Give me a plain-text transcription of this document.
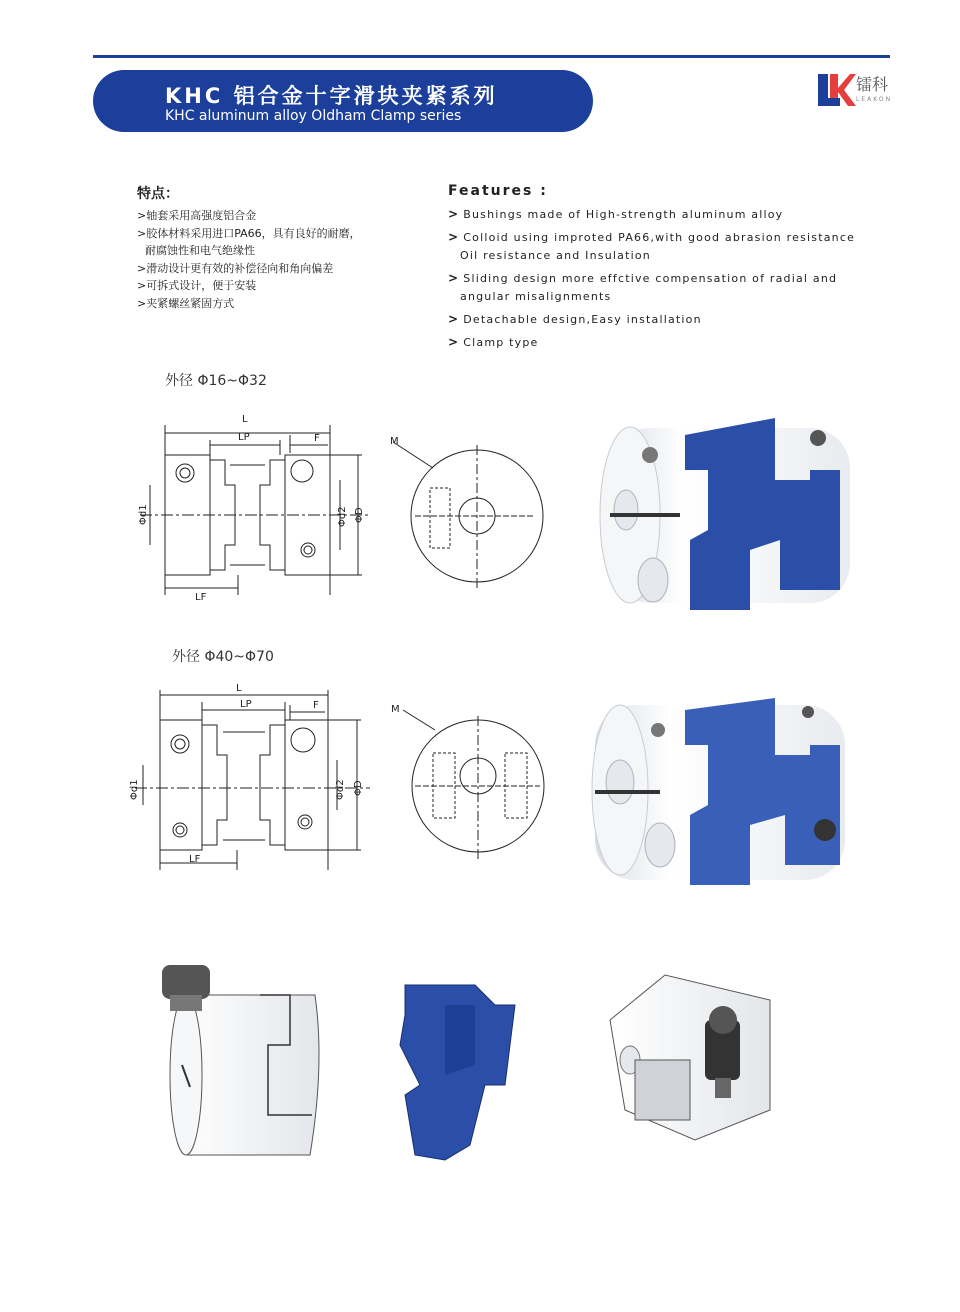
KHC 铝合金十字滑块夹紧系列
KHC aluminum alloy Oldham Clamp series
镭科
LEAKON
特点：
>轴套采用高强度铝合金
>胶体材料采用进口PA66，具有良好的耐磨，
耐腐蚀性和电气绝缘性
>滑动设计更有效的补偿径向和角向偏差
>可拆式设计，便于安装
>夹紧螺丝紧固方式
Features :
> Bushings made of High-strength aluminum alloy
> Colloid using improted PA66,with good abrasion resistance
Oil resistance and Insulation
> Sliding design more effctive compensation of radial and
angular misalignments
> Detachable design,Easy installation
> Clamp type
外径 Φ16~Φ32
L
LP	F
LF
Φd1	Φd2 ΦD
M
外径 Φ40~Φ70
L
LP	F
LF
Φd1	Φd2 ΦD
M
